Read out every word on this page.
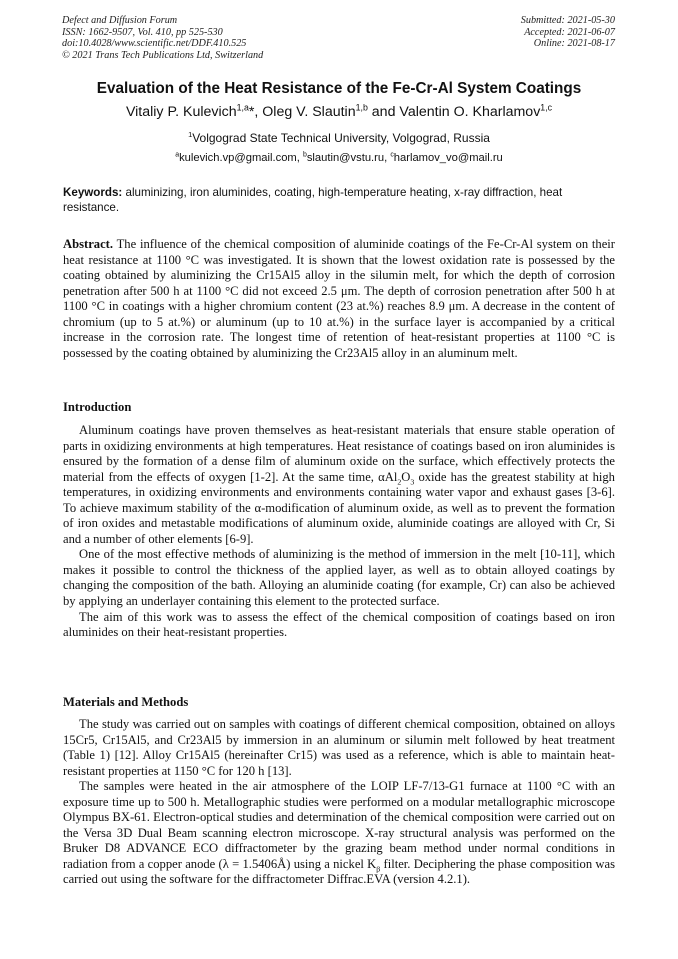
Defect and Diffusion Forum
ISSN: 1662-9507, Vol. 410, pp 525-530
doi:10.4028/www.scientific.net/DDF.410.525
© 2021 Trans Tech Publications Ltd, Switzerland
Submitted: 2021-05-30
Accepted: 2021-06-07
Online: 2021-08-17
Evaluation of the Heat Resistance of the Fe-Cr-Al System Coatings
Vitaliy P. Kulevich$^{1,a}$*, Oleg V. Slautin$^{1,b}$ and Valentin O. Kharlamov$^{1,c}$
$^1$Volgograd State Technical University, Volgograd, Russia
$^a$kulevich.vp@gmail.com, $^b$slautin@vstu.ru, $^c$harlamov_vo@mail.ru
Keywords: aluminizing, iron aluminides, coating, high-temperature heating, x-ray diffraction, heat resistance.

Abstract. The influence of the chemical composition of aluminide coatings of the Fe-Cr-Al system on their heat resistance at 1100 °C was investigated. It is shown that the lowest oxidation rate is possessed by the coating obtained by aluminizing the Cr15Al5 alloy in the silumin melt, for which the depth of corrosion penetration after 500 h at 1100 °C did not exceed 2.5 μm. The depth of corrosion penetration after 500 h at 1100 °C in coatings with a higher chromium content (23 at.%) reaches 8.9 μm. A decrease in the content of chromium (up to 5 at.%) or aluminum (up to 10 at.%) in the surface layer is accompanied by a critical increase in the corrosion rate. The longest time of retention of heat-resistant properties at 1100 °C is possessed by the coating obtained by aluminizing the Cr23Al5 alloy in an aluminum melt.

Introduction

Aluminum coatings have proven themselves as heat-resistant materials that ensure stable operation of parts in oxidizing environments at high temperatures. Heat resistance of coatings based on iron aluminides is ensured by the formation of a dense film of aluminum oxide on the surface, which effectively protects the material from the effects of oxygen [1-2]. At the same time, $\alpha Al_2O_3$ oxide has the greatest stability at high temperatures, in oxidizing environments and environments containing water vapor and exhaust gases [3-6]. To achieve maximum stability of the α-modification of aluminum oxide, as well as to prevent the formation of iron oxides and metastable modifications of aluminum oxide, aluminide coatings are alloyed with Cr, Si and a number of other elements [6-9].

One of the most effective methods of aluminizing is the method of immersion in the melt [10-11], which makes it possible to control the thickness of the applied layer, as well as to obtain alloyed coatings by changing the composition of the bath. Alloying an aluminide coating (for example, Cr) can also be achieved by applying an underlayer containing this element to the protected surface.

The aim of this work was to assess the effect of the chemical composition of coatings based on iron aluminides on their heat-resistant properties.

Materials and Methods

The study was carried out on samples with coatings of different chemical composition, obtained on alloys 15Cr5, Cr15Al5, and Cr23Al5 by immersion in an aluminum or silumin melt followed by heat treatment (Table 1) [12]. Alloy Cr15Al5 (hereinafter Cr15) was used as a reference, which is able to maintain heat-resistant properties at 1150 °C for 120 h [13].

The samples were heated in the air atmosphere of the LOIP LF-7/13-G1 furnace at 1100 °C with an exposure time up to 500 h. Metallographic studies were performed on a modular metallographic microscope Olympus BX-61. Electron-optical studies and determination of the chemical composition were carried out on the Versa 3D Dual Beam scanning electron microscope. X-ray structural analysis was performed on the Bruker D8 ADVANCE ECO diffractometer by the grazing beam method under normal conditions in radiation from a copper anode (λ = 1.5406Å) using a nickel $K_\beta$ filter. Deciphering the phase composition was carried out using the software for the diffractometer Diffrac.EVA (version 4.2.1).
